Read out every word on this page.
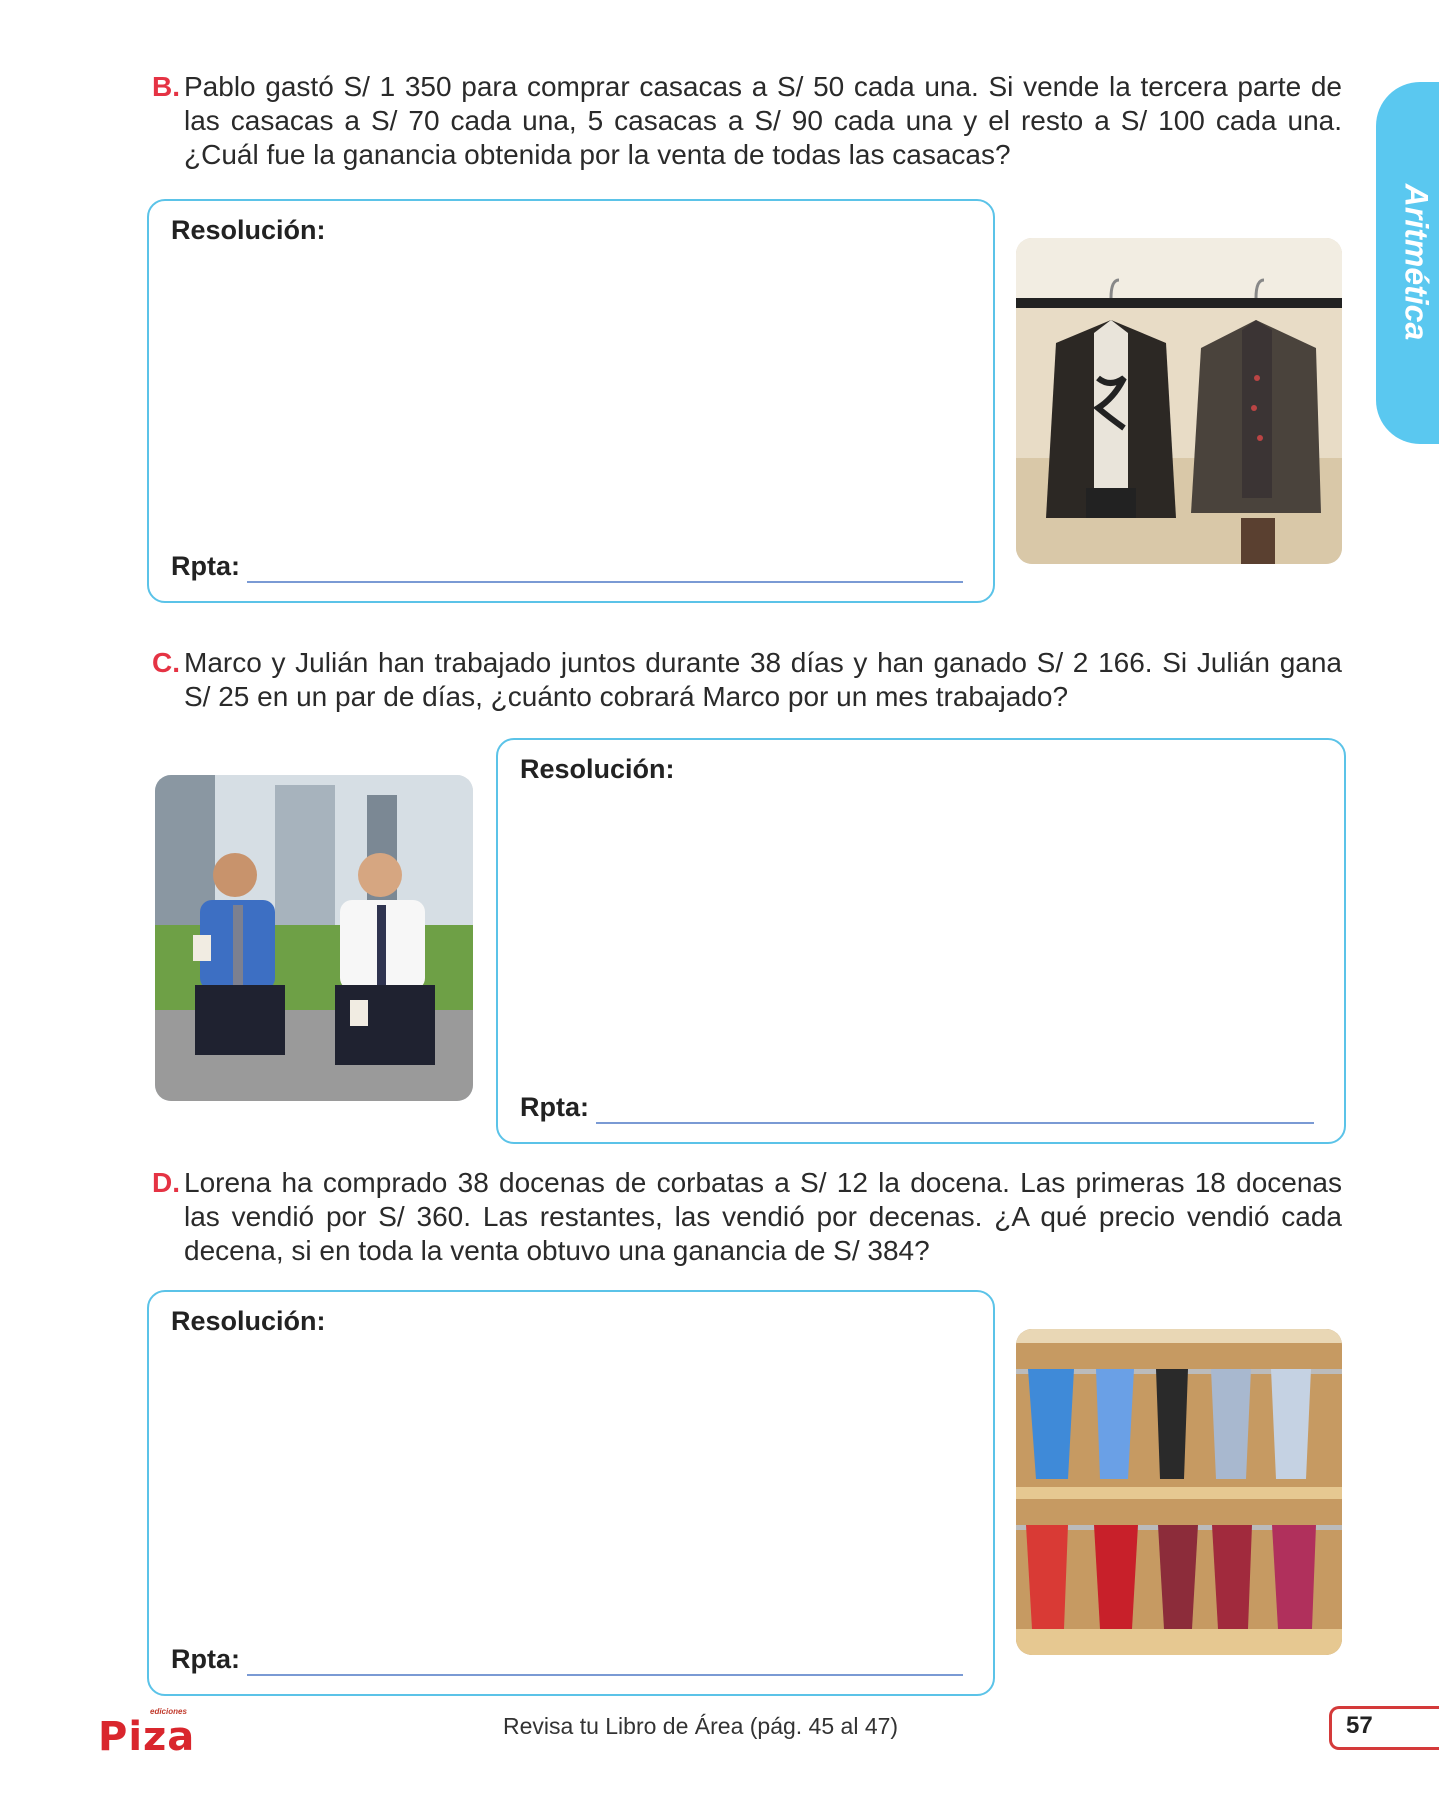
Aritmética
B. Pablo gastó S/ 1 350 para comprar casacas a S/ 50 cada una. Si vende la tercera parte de las casacas a S/ 70 cada una, 5 casacas a S/ 90 cada una y el resto a S/ 100 cada una. ¿Cuál fue la ganancia obtenida por la venta de todas las casacas?
Resolución:
Rpta:
C. Marco y Julián han trabajado juntos durante 38 días y han ganado S/ 2 166. Si Julián gana S/ 25 en un par de días, ¿cuánto cobrará Marco por un mes trabajado?
Resolución:
Rpta:
D. Lorena ha comprado 38 docenas de corbatas a S/ 12 la docena. Las primeras 18 docenas las vendió por S/ 360. Las restantes, las vendió por decenas. ¿A qué precio vendió cada decena, si en toda la venta obtuvo una ganancia de S/ 384?
Resolución:
Rpta:
ediciones
Piza	Revisa tu Libro de Área (pág. 45 al 47)	57
